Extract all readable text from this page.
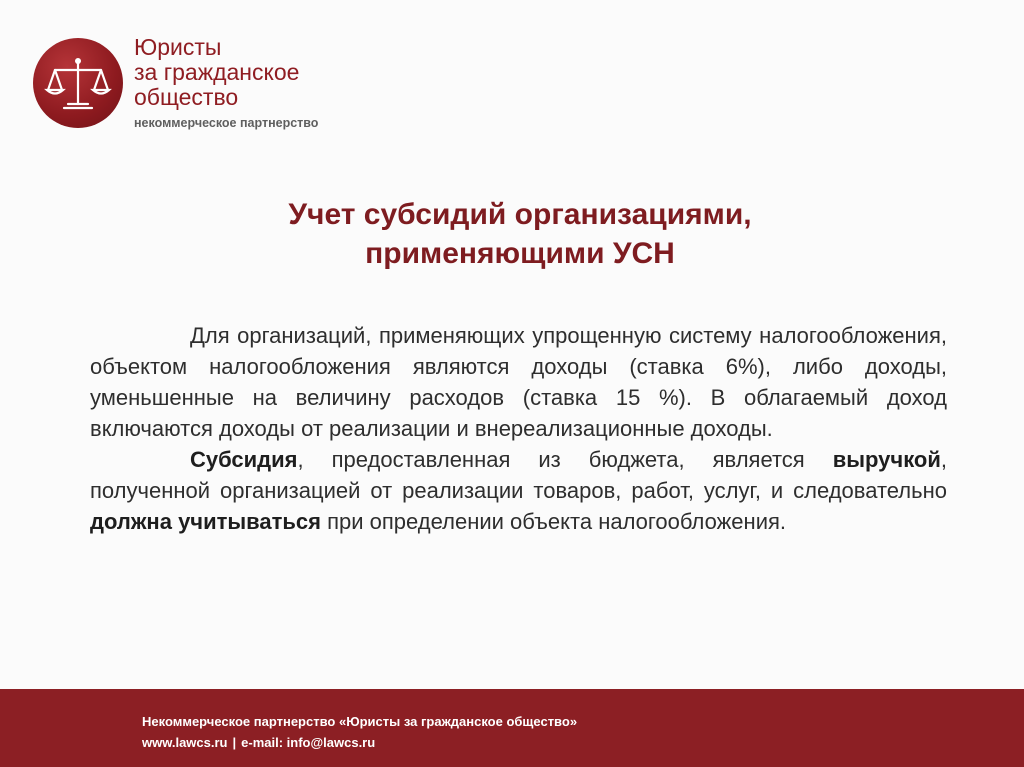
Юристы
за гражданское
общество
некоммерческое партнерство
Учет субсидий организациями,
применяющими УСН

Для организаций, применяющих упрощенную систему налогообложения, объектом налогообложения являются доходы (ставка 6%), либо доходы, уменьшенные на величину расходов (ставка 15 %). В облагаемый доход включаются доходы от реализации и внереализационные доходы.

Субсидия, предоставленная из бюджета, является выручкой, полученной организацией от реализации товаров, работ, услуг, и следовательно должна учитываться при определении объекта налогообложения.

Некоммерческое партнерство «Юристы за гражданское общество»
www.lawcs.ru | e-mail: info@lawcs.ru
